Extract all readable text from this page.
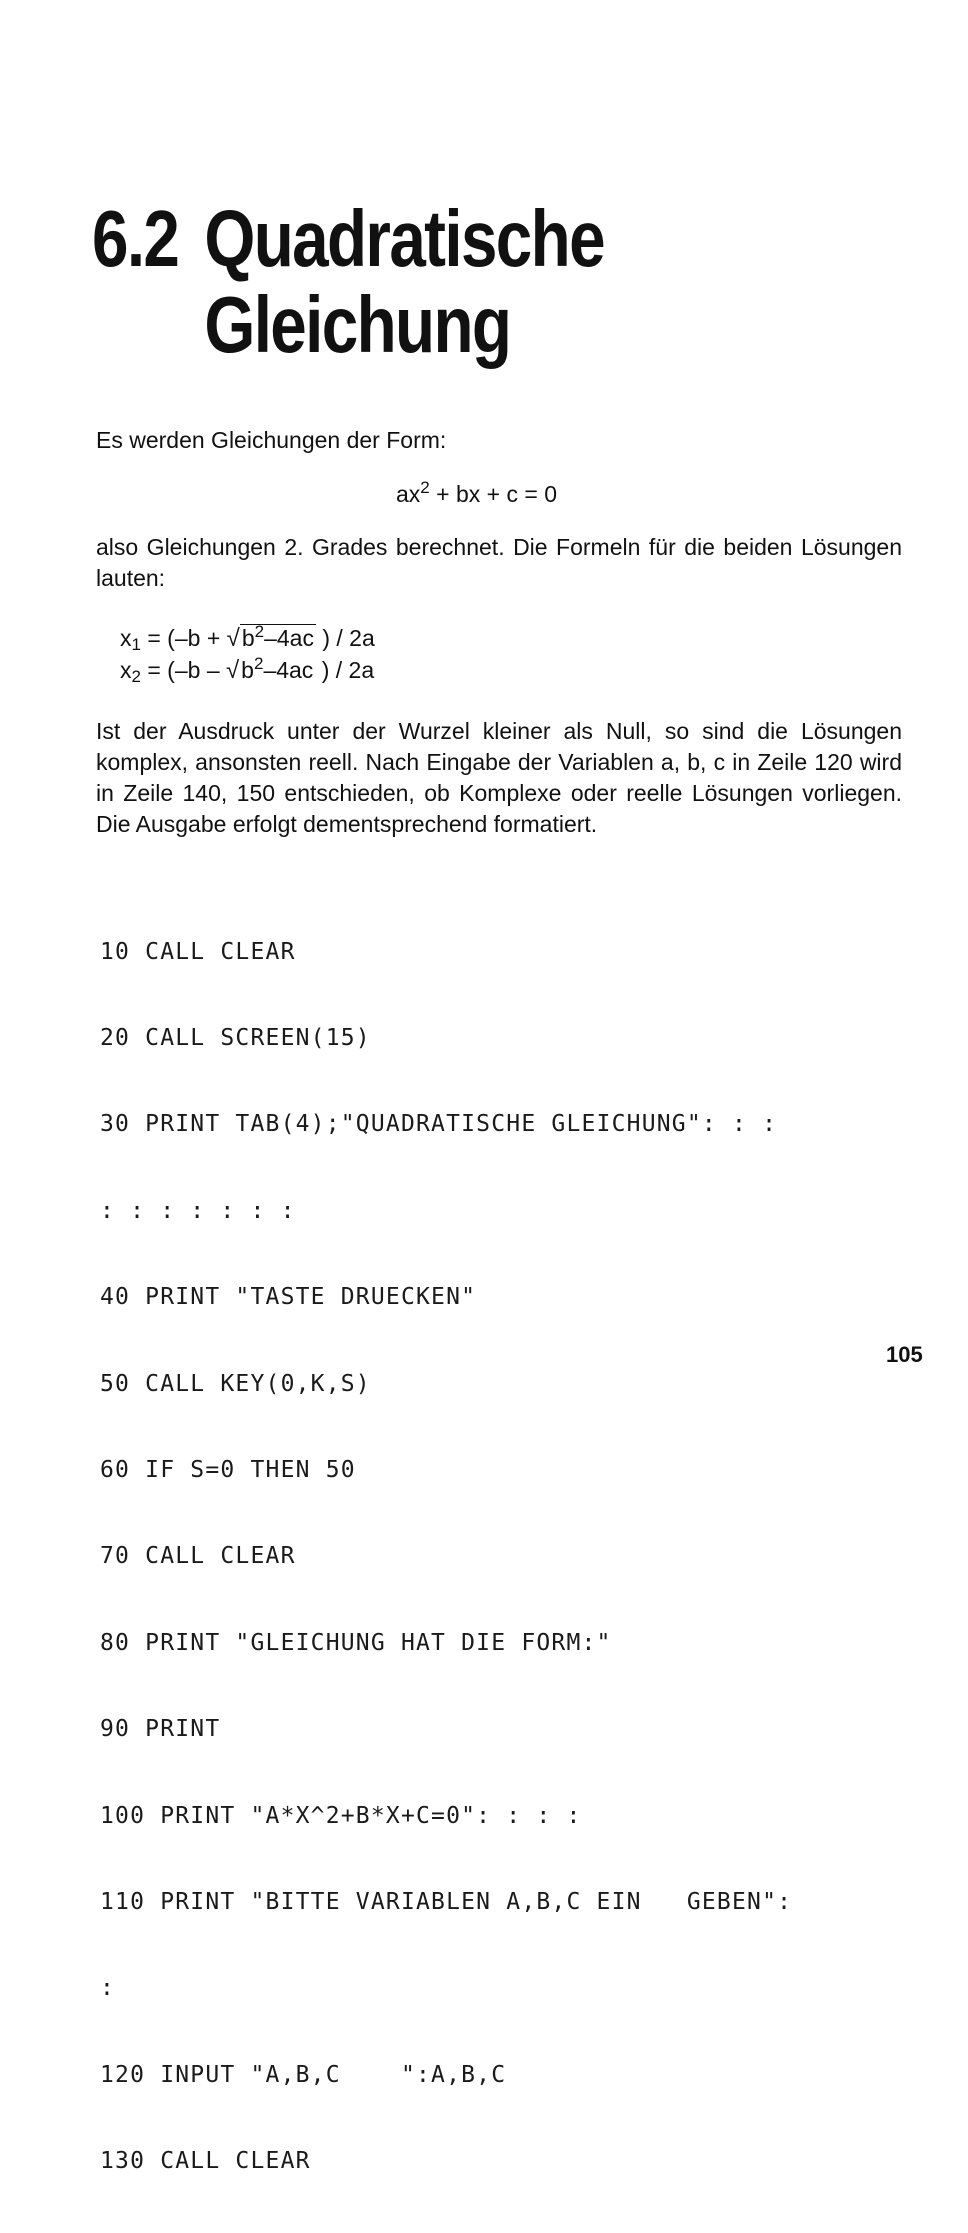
6.2 Quadratische
Gleichung
Es werden Gleichungen der Form:
$ax^2$ + bx + c = 0
also Gleichungen 2. Grades berechnet. Die Formeln für die beiden Lösungen lauten:
$x_1 = (-b + √b^2-4ac$ ) / 2a
$x_2 = (-b - √b^2-4ac$ ) / 2a
Ist der Ausdruck unter der Wurzel kleiner als Null, so sind die Lösungen komplex, ansonsten reell. Nach Eingabe der Variablen a, b, c in Zeile 120 wird in Zeile 140, 150 entschieden, ob Komplexe oder reelle Lösungen vorliegen. Die Ausgabe erfolgt dementsprechend formatiert.

10 CALL CLEAR

20 CALL SCREEN(15)

30 PRINT TAB(4);"QUADRATISCHE GLEICHUNG": : :

: : : : : : :

40 PRINT "TASTE DRUECKEN"

50 CALL KEY(0,K,S)

60 IF S=0 THEN 50

70 CALL CLEAR

80 PRINT "GLEICHUNG HAT DIE FORM:"

90 PRINT

100 PRINT "A*X^2+B*X+C=0": : : :

110 PRINT "BITTE VARIABLEN A,B,C EIN   GEBEN":

:

120 INPUT "A,B,C    ":A,B,C

130 CALL CLEAR

105
